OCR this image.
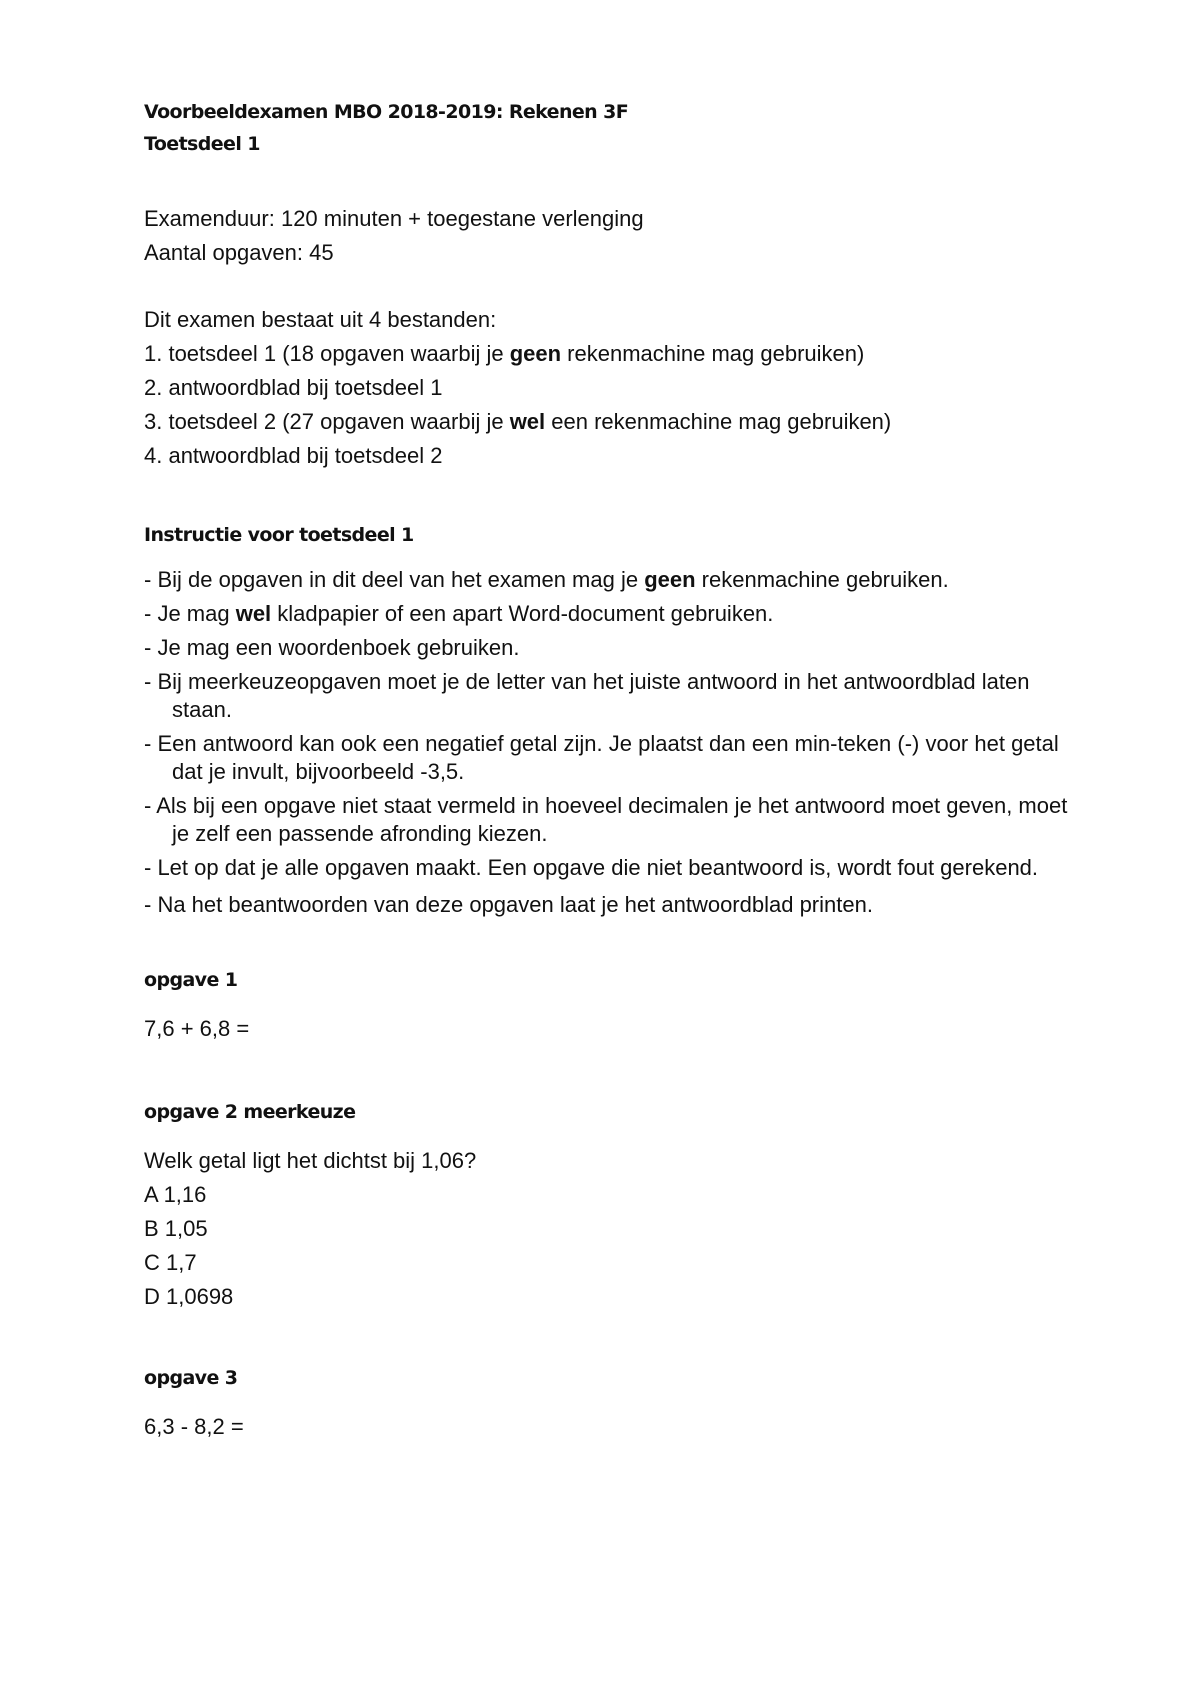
Voorbeeldexamen MBO 2018-2019: Rekenen 3F

Toetsdeel 1

Examenduur: 120 minuten + toegestane verlenging

Aantal opgaven: 45

Dit examen bestaat uit 4 bestanden:

1. toetsdeel 1 (18 opgaven waarbij je geen rekenmachine mag gebruiken)

2. antwoordblad bij toetsdeel 1

3. toetsdeel 2 (27 opgaven waarbij je wel een rekenmachine mag gebruiken)

4. antwoordblad bij toetsdeel 2

Instructie voor toetsdeel 1

- Bij de opgaven in dit deel van het examen mag je geen rekenmachine gebruiken.

- Je mag wel kladpapier of een apart Word-document gebruiken.

- Je mag een woordenboek gebruiken.

- Bij meerkeuzeopgaven moet je de letter van het juiste antwoord in het antwoordblad laten staan.

- Een antwoord kan ook een negatief getal zijn. Je plaatst dan een min-teken (-) voor het getal dat je invult, bijvoorbeeld -3,5.

- Als bij een opgave niet staat vermeld in hoeveel decimalen je het antwoord moet geven, moet je zelf een passende afronding kiezen.

- Let op dat je alle opgaven maakt. Een opgave die niet beantwoord is, wordt fout gerekend.

- Na het beantwoorden van deze opgaven laat je het antwoordblad printen.

opgave 1

7,6 + 6,8 =

opgave 2 meerkeuze

Welk getal ligt het dichtst bij 1,06?

A 1,16

B 1,05

C 1,7

D 1,0698

opgave 3

6,3 - 8,2 =
